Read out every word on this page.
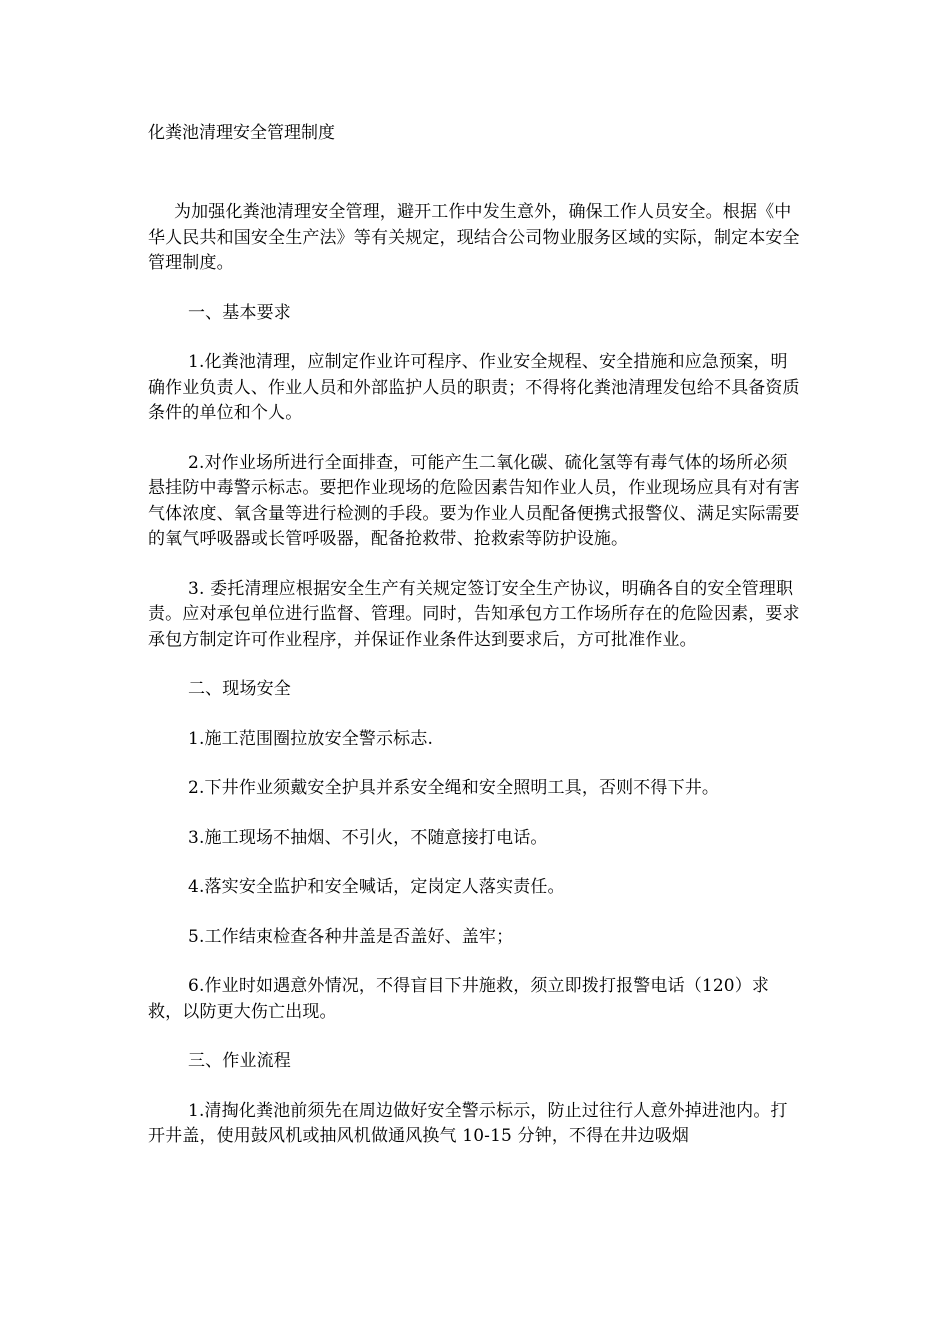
化粪池清理安全管理制度

为加强化粪池清理安全管理，避开工作中发生意外，确保工作人员安全。根据《中华人民共和国安全生产法》等有关规定，现结合公司物业服务区域的实际，制定本安全管理制度。

一、基本要求

1.化粪池清理，应制定作业许可程序、作业安全规程、安全措施和应急预案，明确作业负责人、作业人员和外部监护人员的职责；不得将化粪池清理发包给不具备资质条件的单位和个人。

2.对作业场所进行全面排查，可能产生二氧化碳、硫化氢等有毒气体的场所必须悬挂防中毒警示标志。要把作业现场的危险因素告知作业人员，作业现场应具有对有害气体浓度、氧含量等进行检测的手段。要为作业人员配备便携式报警仪、满足实际需要的氧气呼吸器或长管呼吸器，配备抢救带、抢救索等防护设施。

3. 委托清理应根据安全生产有关规定签订安全生产协议，明确各自的安全管理职责。应对承包单位进行监督、管理。同时，告知承包方工作场所存在的危险因素，要求承包方制定许可作业程序，并保证作业条件达到要求后，方可批准作业。

二、现场安全

1.施工范围圈拉放安全警示标志.

2.下井作业须戴安全护具并系安全绳和安全照明工具，否则不得下井。

3.施工现场不抽烟、不引火，不随意接打电话。

4.落实安全监护和安全喊话，定岗定人落实责任。

5.工作结束检查各种井盖是否盖好、盖牢；

6.作业时如遇意外情况，不得盲目下井施救，须立即拨打报警电话（120）求救，以防更大伤亡出现。

三、作业流程

1.清掏化粪池前须先在周边做好安全警示标示，防止过往行人意外掉进池内。打开井盖，使用鼓风机或抽风机做通风换气 10-15 分钟，不得在井边吸烟
